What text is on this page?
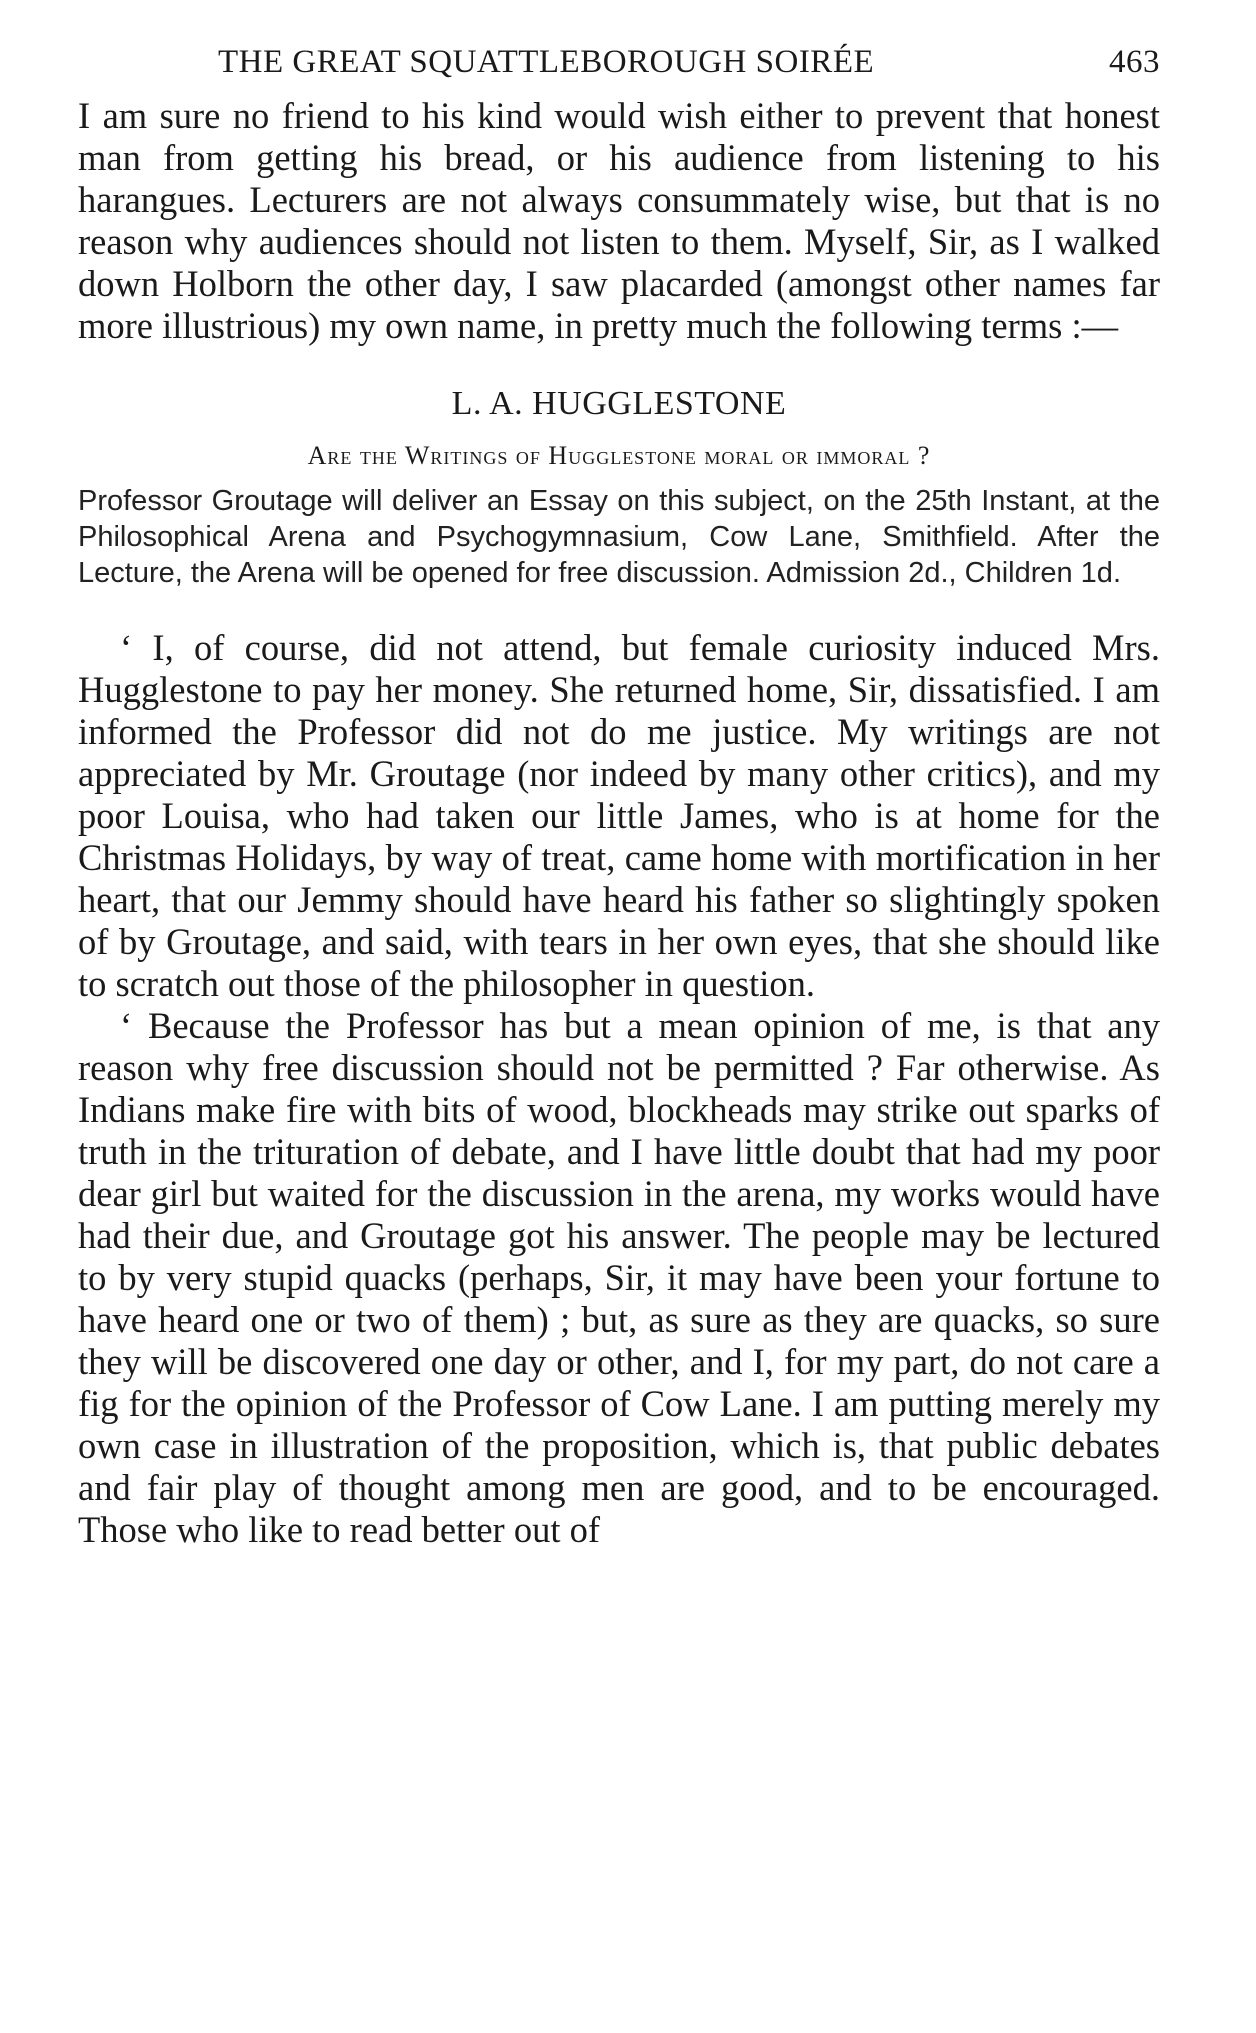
THE GREAT SQUATTLEBOROUGH SOIRÉE	463

I am sure no friend to his kind would wish either to prevent that honest man from getting his bread, or his audience from listening to his harangues. Lecturers are not always consummately wise, but that is no reason why audiences should not listen to them. Myself, Sir, as I walked down Holborn the other day, I saw placarded (amongst other names far more illustrious) my own name, in pretty much the following terms :—

L. A. HUGGLESTONE
Are the Writings of Hugglestone moral or immoral ?

Professor Groutage will deliver an Essay on this subject, on the 25th Instant, at the Philosophical Arena and Psychogymnasium, Cow Lane, Smithfield. After the Lecture, the Arena will be opened for free discussion. Admission 2d., Children 1d.

‘ I, of course, did not attend, but female curiosity induced Mrs. Hugglestone to pay her money. She returned home, Sir, dissatisfied. I am informed the Professor did not do me justice. My writings are not appreciated by Mr. Groutage (nor indeed by many other critics), and my poor Louisa, who had taken our little James, who is at home for the Christmas Holidays, by way of treat, came home with mortification in her heart, that our Jemmy should have heard his father so slightingly spoken of by Groutage, and said, with tears in her own eyes, that she should like to scratch out those of the philosopher in question.

‘ Because the Professor has but a mean opinion of me, is that any reason why free discussion should not be permitted ? Far otherwise. As Indians make fire with bits of wood, blockheads may strike out sparks of truth in the trituration of debate, and I have little doubt that had my poor dear girl but waited for the discussion in the arena, my works would have had their due, and Groutage got his answer. The people may be lectured to by very stupid quacks (perhaps, Sir, it may have been your fortune to have heard one or two of them) ; but, as sure as they are quacks, so sure they will be discovered one day or other, and I, for my part, do not care a fig for the opinion of the Professor of Cow Lane. I am putting merely my own case in illustration of the proposition, which is, that public debates and fair play of thought among men are good, and to be encouraged. Those who like to read better out of
